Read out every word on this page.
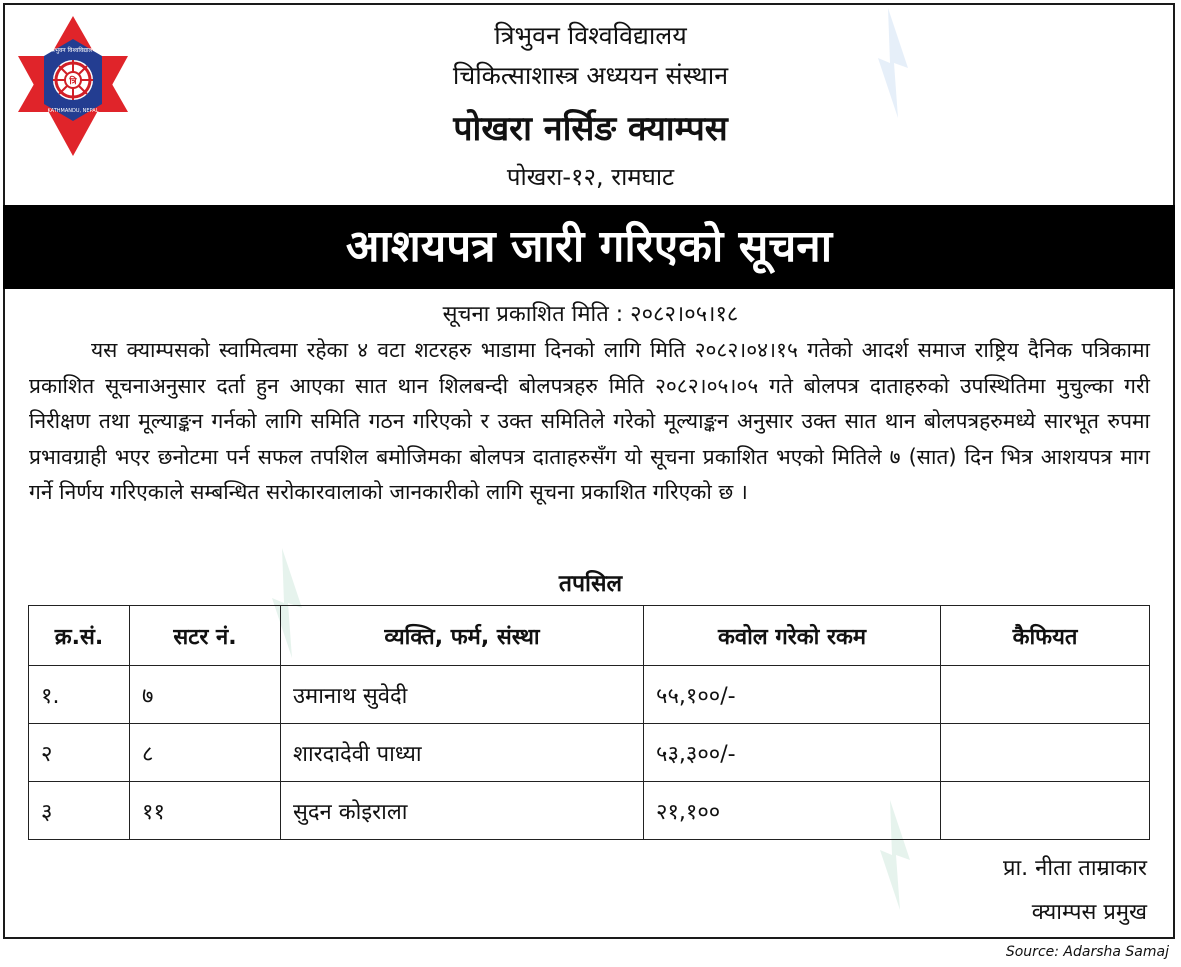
त्रि
त्रिभुवन विश्वविद्यालय
KATHMANDU, NEPAL
त्रिभुवन विश्वविद्यालय
चिकित्साशास्त्र अध्ययन संस्थान
पोखरा नर्सिङ क्याम्पस
पोखरा-१२, रामघाट
आशयपत्र जारी गरिएको सूचना
सूचना प्रकाशित मिति : २०८२।०५।१८
यस क्याम्पसको स्वामित्वमा रहेका ४ वटा शटरहरु भाडामा दिनको लागि मिति २०८२।०४।१५ गतेको आदर्श समाज राष्ट्रिय दैनिक पत्रिकामा प्रकाशित सूचनाअनुसार दर्ता हुन आएका सात थान शिलबन्दी बोलपत्रहरु मिति २०८२।०५।०५ गते बोलपत्र दाताहरुको उपस्थितिमा मुचुल्का गरी निरीक्षण तथा मूल्याङ्कन गर्नको लागि समिति गठन गरिएको र उक्त समितिले गरेको मूल्याङ्कन अनुसार उक्त सात थान बोलपत्रहरुमध्ये सारभूत रुपमा प्रभावग्राही भएर छनोटमा पर्न सफल तपशिल बमोजिमका बोलपत्र दाताहरुसँग यो सूचना प्रकाशित भएको मितिले ७ (सात) दिन भित्र आशयपत्र माग गर्ने निर्णय गरिएकाले सम्बन्धित सरोकारवालाको जानकारीको लागि सूचना प्रकाशित गरिएको छ ।
तपसिल
क्र.सं.	सटर नं.	व्यक्ति, फर्म, संस्था	कवोल गरेको रकम	कैफियत
१.	७	उमानाथ सुवेदी	५५,१००/-	
२	८	शारदादेवी पाध्या	५३,३००/-	
३	११	सुदन कोइराला	२१,१००	
प्रा. नीता ताम्राकार
क्याम्पस प्रमुख
Source: Adarsha Samaj
